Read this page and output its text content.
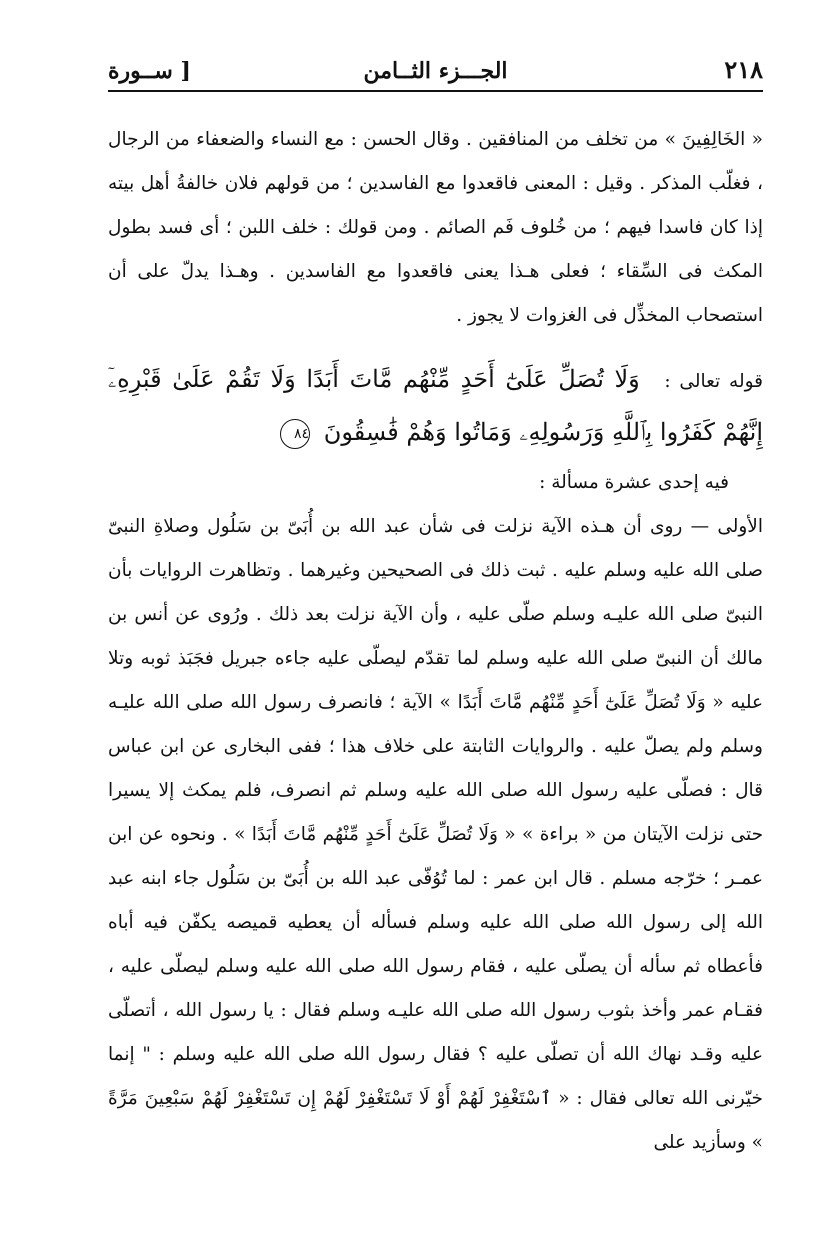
٢١٨
الجـــزء الثــامن
[ ســورة

« الخَالِفِينَ » من تخلف من المنافقين . وقال الحسن : مع النساء والضعفاء من الرجال ، فغلّب المذكر . وقيل : المعنى فاقعدوا مع الفاسدين ؛ من قولهم فلان خالفةُ أهل بيته إذا كان فاسدا فيهم ؛ من خُلوف فَم الصائم . ومن قولك : خلف اللبن ؛ أى فسد بطول المكث فى السِّقاء ؛ فعلى هـذا يعنى فاقعدوا مع الفاسدين . وهـذا يدلّ على أن استصحاب المخذِّل فى الغزوات لا يجوز .

قوله تعالى : وَلَا تُصَلِّ عَلَىٰٓ أَحَدٍ مِّنْهُم مَّاتَ أَبَدًا وَلَا تَقُمْ عَلَىٰ قَبْرِهِۦٓ
إِنَّهُمْ كَفَرُوا بِٱللَّهِ وَرَسُولِهِۦ وَمَاتُوا وَهُمْ فَٰسِقُونَ ٨٤

فيه إحدى عشرة مسألة :

الأولى — روى أن هـذه الآية نزلت فى شأن عبد الله بن أُبَىّ بن سَلُول وصلاةِ النبىّ صلى الله عليه وسلم عليه . ثبت ذلك فى الصحيحين وغيرهما . وتظاهرت الروايات بأن النبىّ صلى الله عليـه وسلم صلّى عليه ، وأن الآية نزلت بعد ذلك . ورُوى عن أنس بن مالك أن النبىّ صلى الله عليه وسلم لما تقدّم ليصلّى عليه جاءه جبريل فجَبَذ ثوبه وتلا عليه « وَلَا تُصَلِّ عَلَىٰٓ أَحَدٍ مِّنْهُم مَّاتَ أَبَدًا » الآية ؛ فانصرف رسول الله صلى الله عليـه وسلم ولم يصلّ عليه . والروايات الثابتة على خلاف هذا ؛ ففى البخارى عن ابن عباس قال : فصلّى عليه رسول الله صلى الله عليه وسلم ثم انصرف، فلم يمكث إلا يسيرا حتى نزلت الآيتان من « براءة » « وَلَا تُصَلِّ عَلَىٰٓ أَحَدٍ مِّنْهُم مَّاتَ أَبَدًا » . ونحوه عن ابن عمـر ؛ خرّجه مسلم . قال ابن عمر : لما تُوُفّى عبد الله بن أُبَىّ بن سَلُول جاء ابنه عبد الله إلى رسول الله صلى الله عليه وسلم فسأله أن يعطيه قميصه يكفّن فيه أباه فأعطاه ثم سأله أن يصلّى عليه ، فقام رسول الله صلى الله عليه وسلم ليصلّى عليه ، فقـام عمر وأخذ بثوب رسول الله صلى الله عليـه وسلم فقال : يا رسول الله ، أتصلّى عليه وقـد نهاك الله أن تصلّى عليه ؟ فقال رسول الله صلى الله عليه وسلم : " إنما خيّرنى الله تعالى فقال : « ٱسْتَغْفِرْ لَهُمْ أَوْ لَا تَسْتَغْفِرْ لَهُمْ إِن تَسْتَغْفِرْ لَهُمْ سَبْعِينَ مَرَّةً » وسأزيد على
